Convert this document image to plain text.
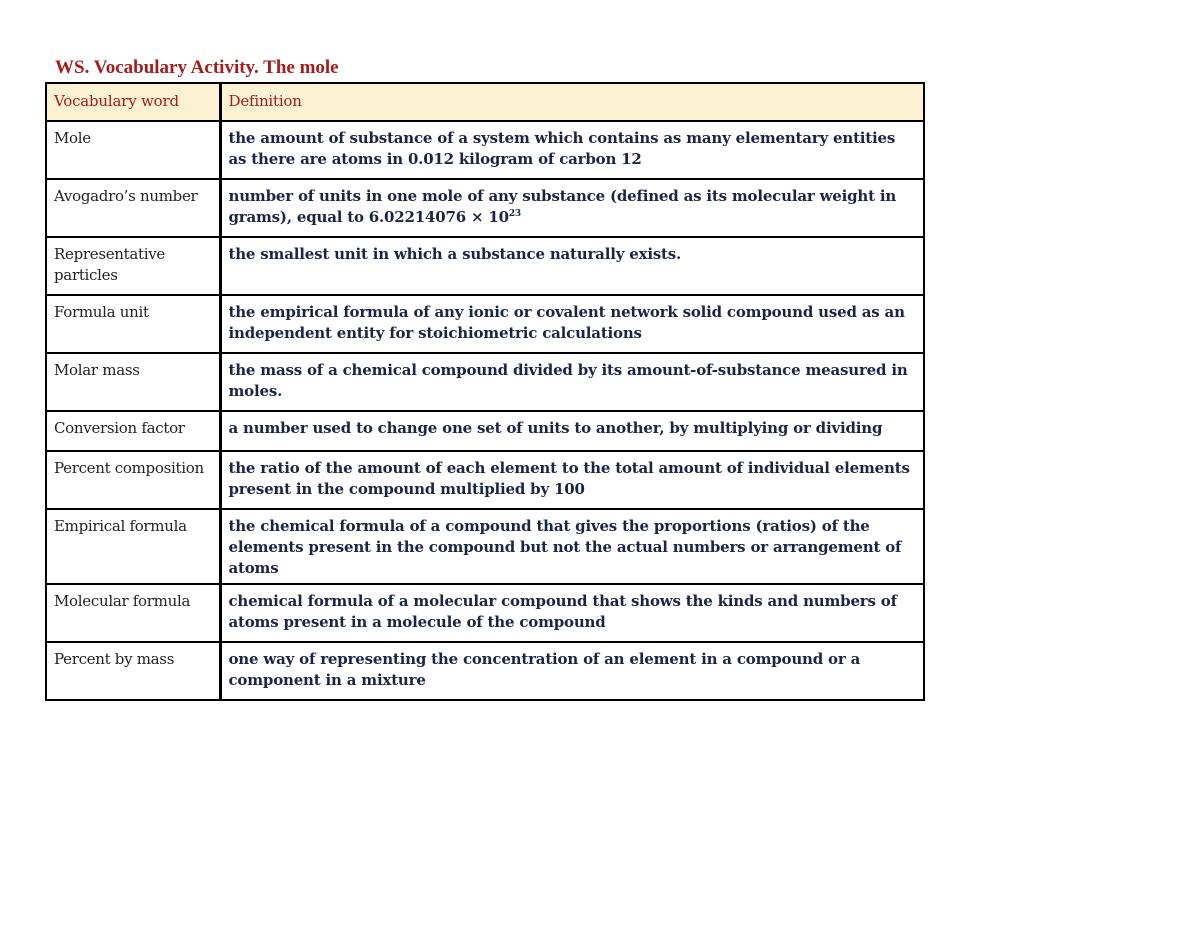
WS. Vocabulary Activity. The mole
Vocabulary word	Definition
Mole	the amount of substance of a system which contains as many elementary entities as there are atoms in 0.012 kilogram of carbon 12
Avogadro’s number	number of units in one mole of any substance (defined as its molecular weight in grams), equal to $6.02214076 \times 10^{23}$
Representative particles	the smallest unit in which a substance naturally exists.
Formula unit	the empirical formula of any ionic or covalent network solid compound used as an independent entity for stoichiometric calculations
Molar mass	the mass of a chemical compound divided by its amount-of-substance measured in moles.
Conversion factor	a number used to change one set of units to another, by multiplying or dividing
Percent composition	the ratio of the amount of each element to the total amount of individual elements present in the compound multiplied by 100
Empirical formula	the chemical formula of a compound that gives the proportions (ratios) of the elements present in the compound but not the actual numbers or arrangement of atoms
Molecular formula	chemical formula of a molecular compound that shows the kinds and numbers of atoms present in a molecule of the compound
Percent by mass	one way of representing the concentration of an element in a compound or a component in a mixture
